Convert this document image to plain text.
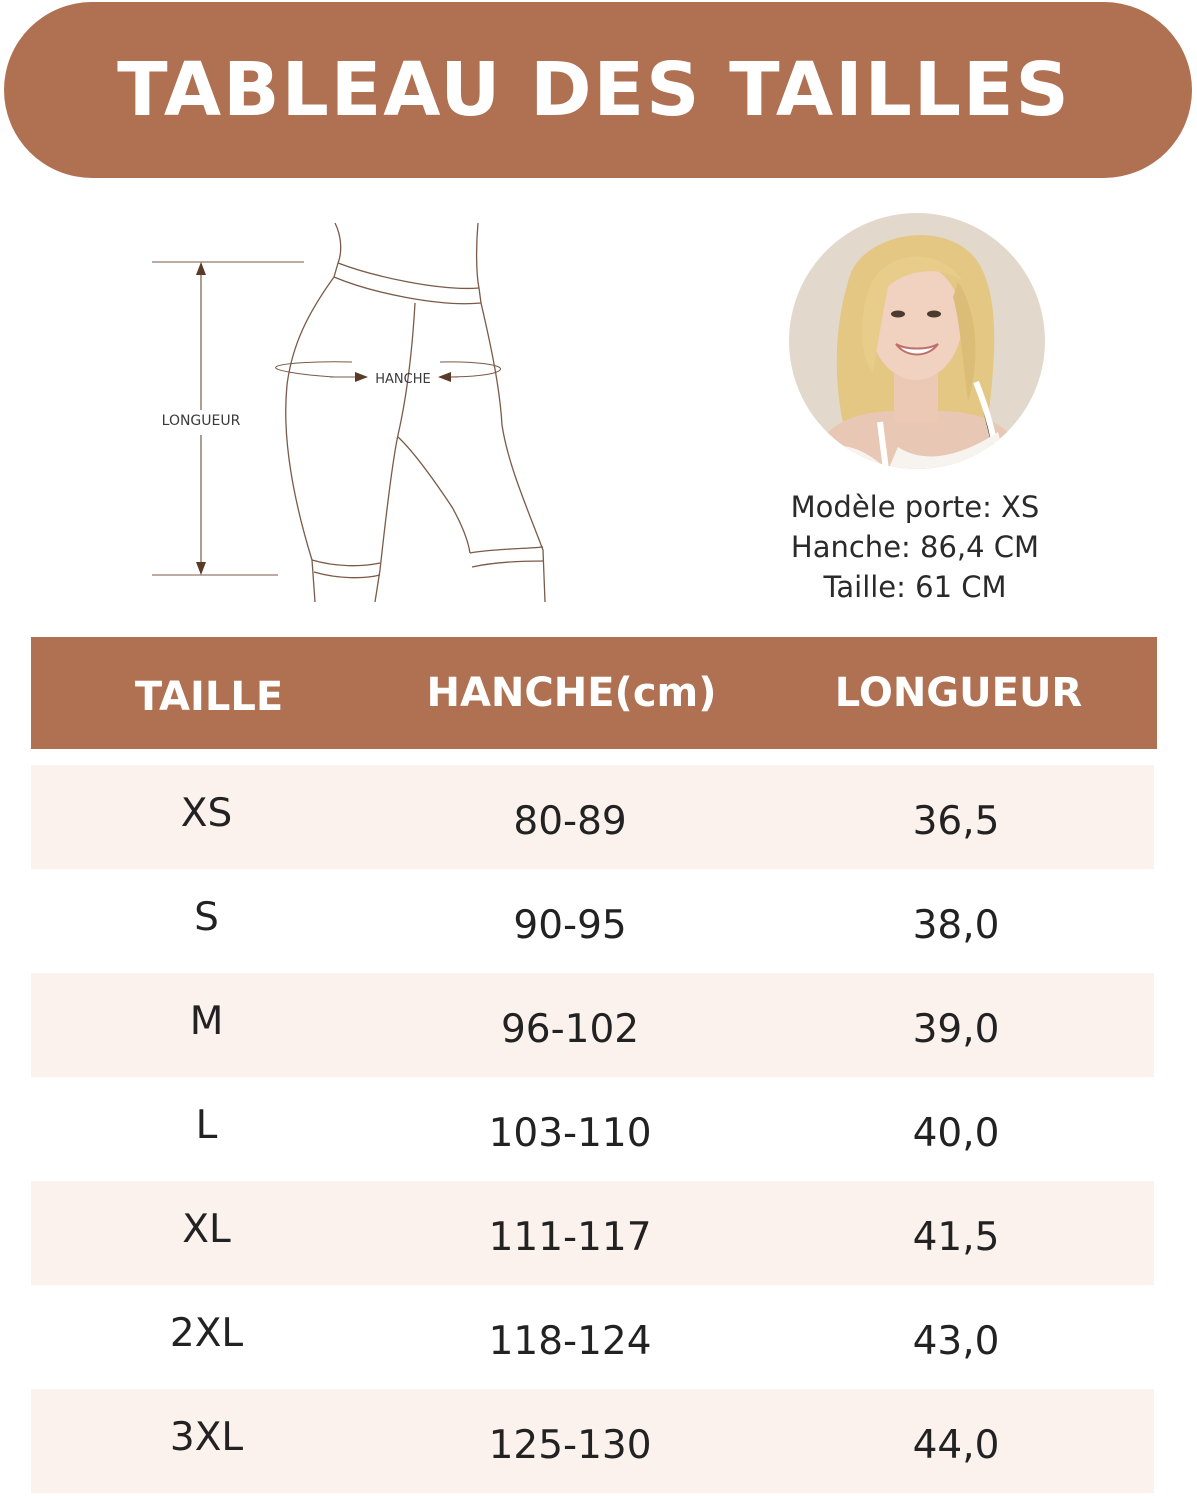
TABLEAU DES TAILLES
LONGUEUR
HANCHE
Modèle porte: XS
Hanche: 86,4 CM
Taille: 61 CM
TAILLE	HANCHE(cm)	LONGUEUR
XS	80-89	36,5
S	90-95	38,0
M	96-102	39,0
L	103-110	40,0
XL	111-117	41,5
2XL	118-124	43,0
3XL	125-130	44,0
